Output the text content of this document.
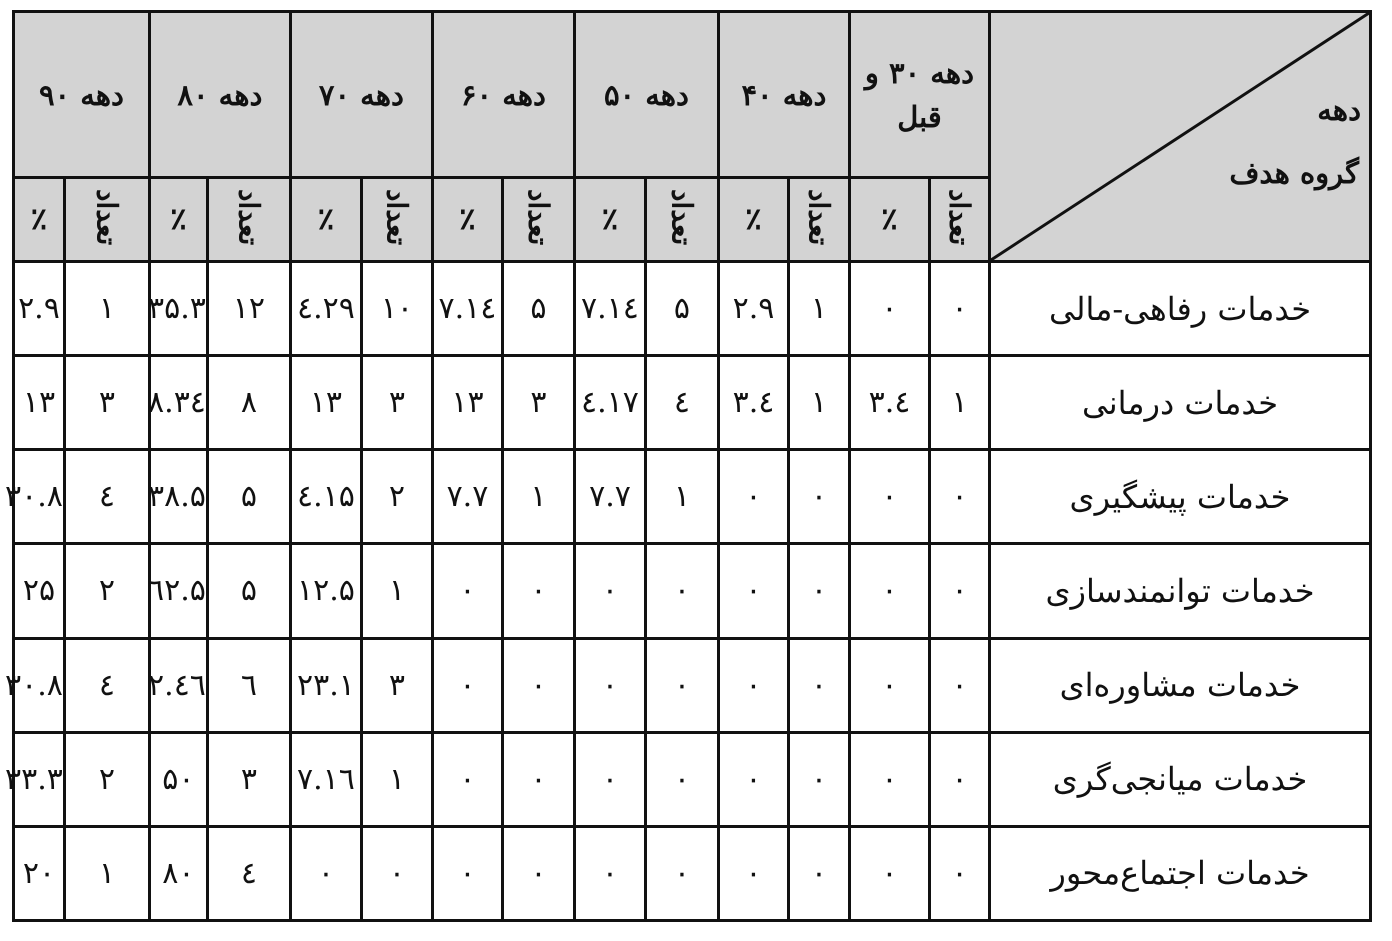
دهه
گروه هدف	دهه ۳۰ و قبل		دهه ۴۰		دهه ۵۰		دهه ۶۰		دهه ۷۰		دهه ۸۰		دهه ۹۰	
	تعداد	٪	تعداد	٪	تعداد	٪	تعداد	٪	تعداد	٪	تعداد	٪	تعداد	٪
خدمات رفاهی-مالی	۰	۰	۱	۲.۹	۵	۱٤.۷	۵	۱٤.۷	۱۰	۲۹.٤	۱۲	۳۵.۳	۱	۲.۹
خدمات درمانی	۱	٤.۳	۱	٤.۳	٤	۱۷.٤	۳	۱۳	۳	۱۳	۸	۳٤.۸	۳	۱۳
خدمات پیشگیری	۰	۰	۰	۰	۱	۷.۷	۱	۷.۷	۲	۱۵.٤	۵	۳۸.۵	٤	۳۰.۸
خدمات توانمندسازی	۰	۰	۰	۰	۰	۰	۰	۰	۱	۱۲.۵	۵	٦۲.۵	۲	۲۵
خدمات مشاوره‌ای	۰	۰	۰	۰	۰	۰	۰	۰	۳	۲۳.۱	٦	٤٦.۲	٤	۳۰.۸
خدمات میانجی‌گری	۰	۰	۰	۰	۰	۰	۰	۰	۱	۱٦.۷	۳	۵۰	۲	۳۳.۳
خدمات اجتماع‌محور	۰	۰	۰	۰	۰	۰	۰	۰	۰	۰	٤	۸۰	۱	۲۰
